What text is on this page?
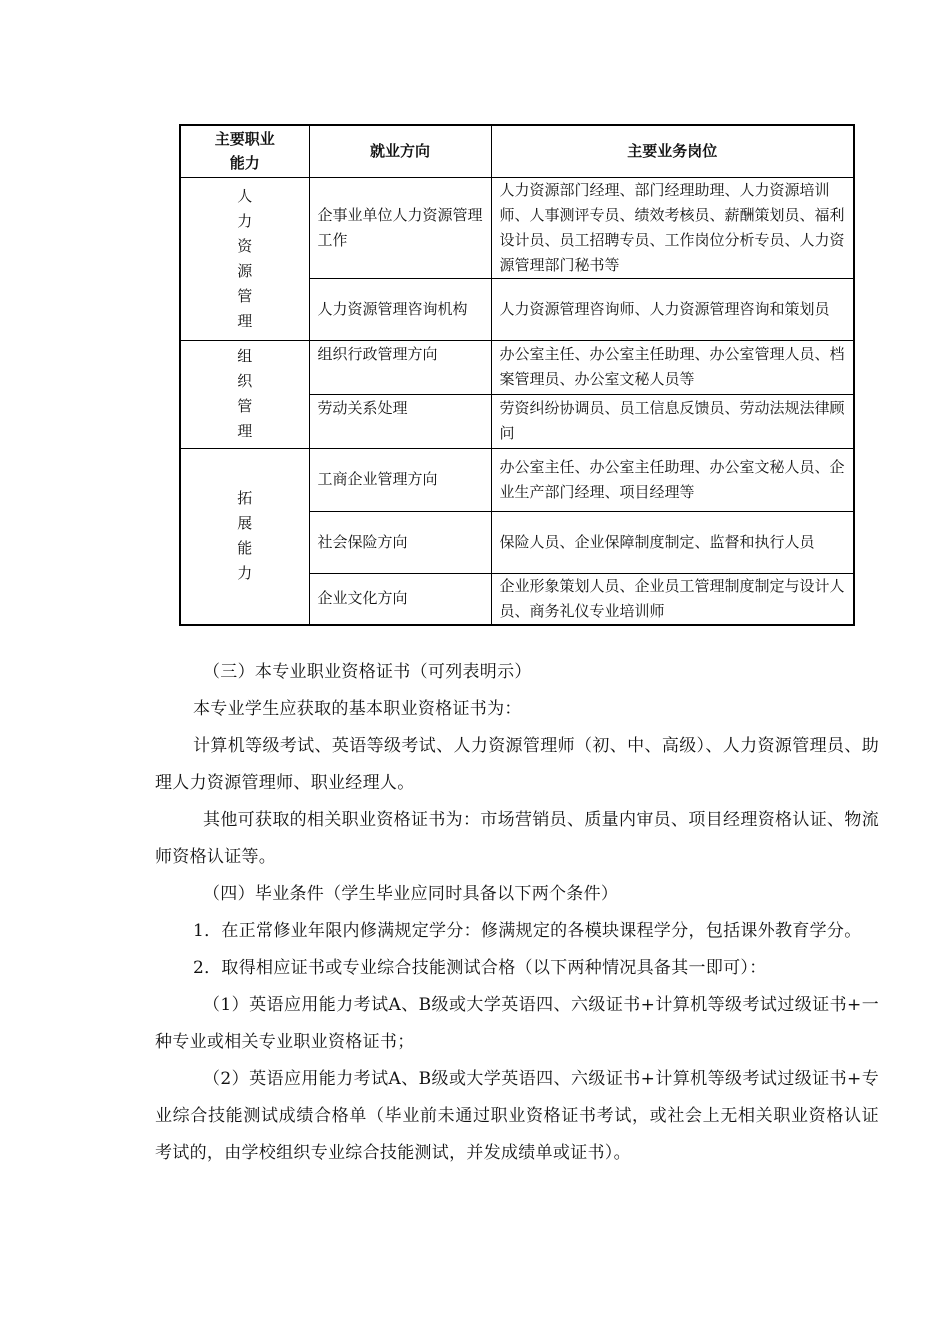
主要职业
能力	就业方向	主要业务岗位

人力资源管理	企事业单位人力资源管理工作	人力资源部门经理、部门经理助理、人力资源培训师、人事测评专员、绩效考核员、薪酬策划员、福利设计员、员工招聘专员、工作岗位分析专员、人力资源管理部门秘书等
	人力资源管理咨询机构	人力资源管理咨询师、人力资源管理咨询和策划员

组织管理	组织行政管理方向	办公室主任、办公室主任助理、办公室管理人员、档案管理员、办公室文秘人员等
	劳动关系处理	劳资纠纷协调员、员工信息反馈员、劳动法规法律顾问

拓展能力	工商企业管理方向	办公室主任、办公室主任助理、办公室文秘人员、企业生产部门经理、项目经理等
	社会保险方向	保险人员、企业保障制度制定、监督和执行人员
	企业文化方向	企业形象策划人员、企业员工管理制度制定与设计人员、商务礼仪专业培训师

（三）本专业职业资格证书（可列表明示）

本专业学生应获取的基本职业资格证书为：

计算机等级考试、英语等级考试、人力资源管理师（初、中、高级）、人力资源管理员、助理人力资源管理师、职业经理人。

其他可获取的相关职业资格证书为：市场营销员、质量内审员、项目经理资格认证、物流师资格认证等。

（四）毕业条件（学生毕业应同时具备以下两个条件）

1．在正常修业年限内修满规定学分：修满规定的各模块课程学分，包括课外教育学分。

2．取得相应证书或专业综合技能测试合格（以下两种情况具备其一即可）：

（1）英语应用能力考试A、B级或大学英语四、六级证书+计算机等级考试过级证书+一种专业或相关专业职业资格证书；

（2）英语应用能力考试A、B级或大学英语四、六级证书+计算机等级考试过级证书+专业综合技能测试成绩合格单（毕业前未通过职业资格证书考试，或社会上无相关职业资格认证考试的，由学校组织专业综合技能测试，并发成绩单或证书）。
